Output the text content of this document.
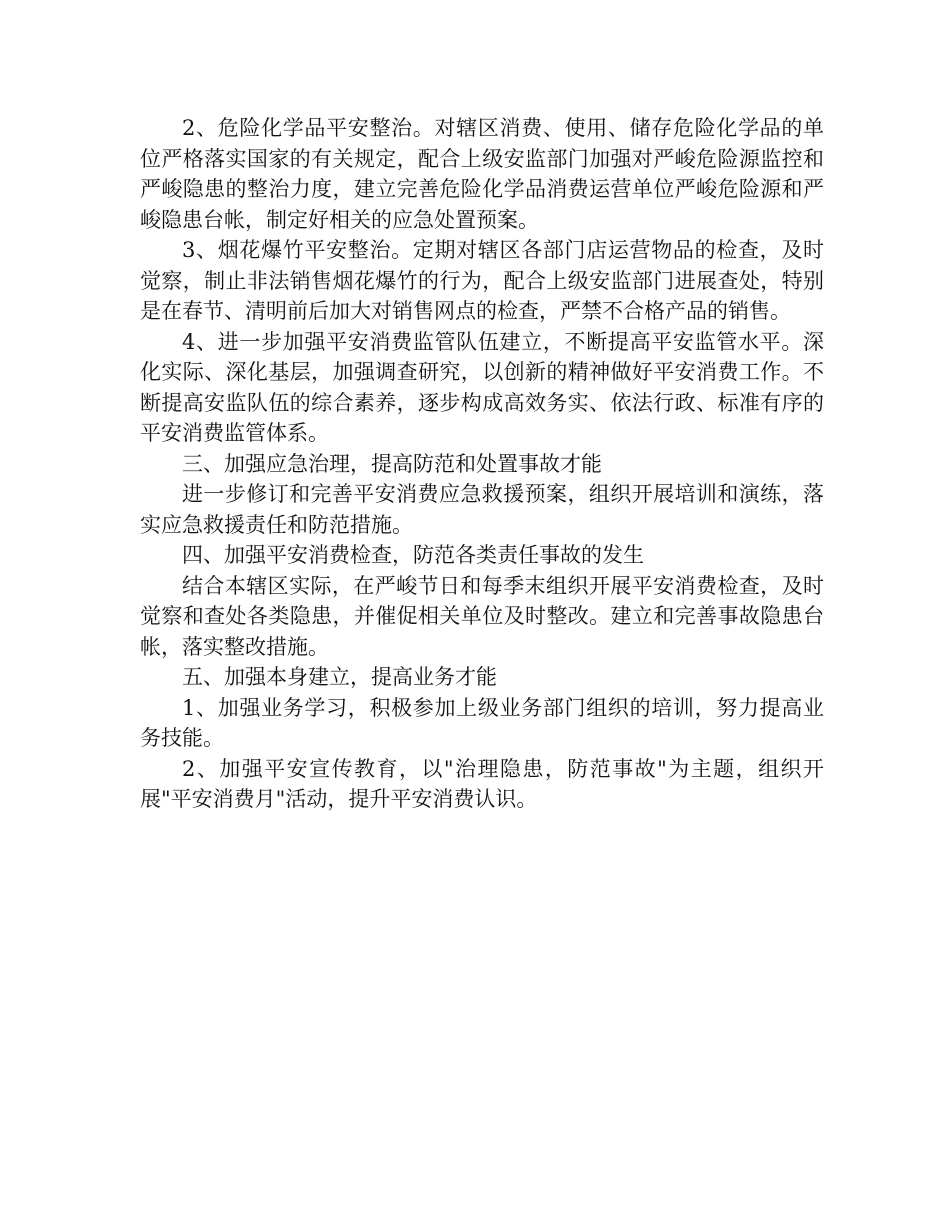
2、危险化学品平安整治。对辖区消费、使用、储存危险化学品的单位严格落实国家的有关规定，配合上级安监部门加强对严峻危险源监控和严峻隐患的整治力度，建立完善危险化学品消费运营单位严峻危险源和严峻隐患台帐，制定好相关的应急处置预案。

3、烟花爆竹平安整治。定期对辖区各部门店运营物品的检查，及时觉察，制止非法销售烟花爆竹的行为，配合上级安监部门进展查处，特别是在春节、清明前后加大对销售网点的检查，严禁不合格产品的销售。

4、进一步加强平安消费监管队伍建立，不断提高平安监管水平。深化实际、深化基层，加强调查研究，以创新的精神做好平安消费工作。不断提高安监队伍的综合素养，逐步构成高效务实、依法行政、标准有序的平安消费监管体系。

三、加强应急治理，提高防范和处置事故才能

进一步修订和完善平安消费应急救援预案，组织开展培训和演练，落实应急救援责任和防范措施。

四、加强平安消费检查，防范各类责任事故的发生

结合本辖区实际，在严峻节日和每季末组织开展平安消费检查，及时觉察和查处各类隐患，并催促相关单位及时整改。建立和完善事故隐患台帐，落实整改措施。

五、加强本身建立，提高业务才能

1、加强业务学习，积极参加上级业务部门组织的培训，努力提高业务技能。

2、加强平安宣传教育，以"治理隐患，防范事故"为主题，组织开展"平安消费月"活动，提升平安消费认识。
